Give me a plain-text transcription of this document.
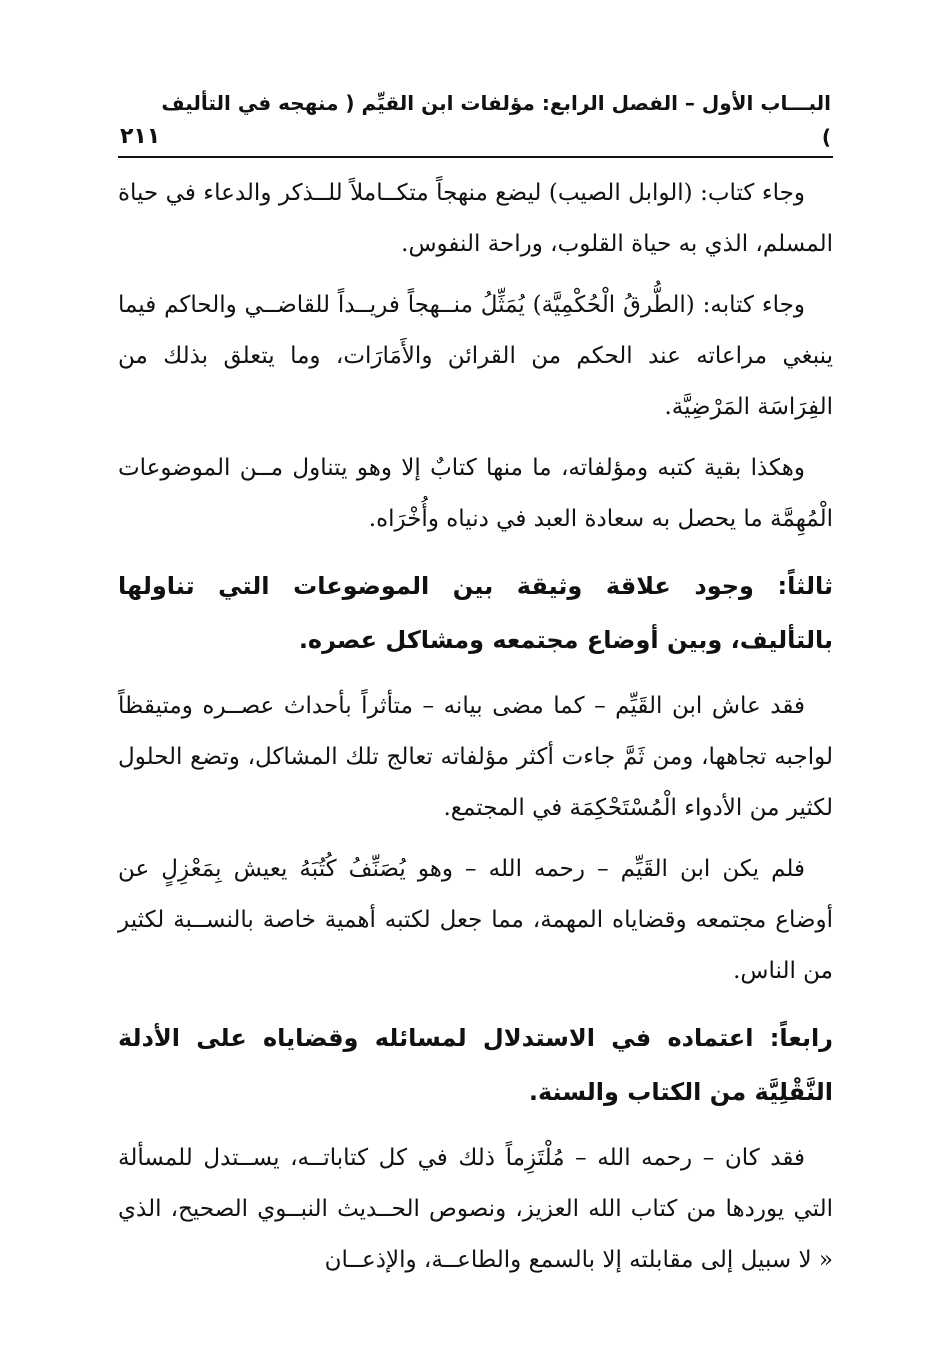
البـــاب الأول – الفصل الرابع: مؤلفات ابن القيِّم ( منهجه في التأليف )
٢١١

وجاء كتاب: (الوابل الصيب) ليضع منهجاً متكــاملاً للــذكر والدعاء في حياة المسلم، الذي به حياة القلوب، وراحة النفوس.

وجاء كتابه: (الطُّرقُ الْحُكْمِيَّة) يُمَثِّلُ منــهجاً فريــداً للقاضــي والحاكم فيما ينبغي مراعاته عند الحكم من القرائن والأَمَارَات، وما يتعلق بذلك من الفِرَاسَة المَرْضِيَّة.

وهكذا بقية كتبه ومؤلفاته، ما منها كتابٌ إلا وهو يتناول مــن الموضوعات الْمُهِمَّة ما يحصل به سعادة العبد في دنياه وأُخْرَاه.

ثالثاً: وجود علاقة وثيقة بين الموضوعات التي تناولها بالتأليف، وبين أوضاع مجتمعه ومشاكل عصره.

فقد عاش ابن القَيِّم – كما مضى بيانه – متأثراً بأحداث عصــره ومتيقظاً لواجبه تجاهها، ومن ثَمَّ جاءت أكثر مؤلفاته تعالج تلك المشاكل، وتضع الحلول لكثير من الأدواء الْمُسْتَحْكِمَة في المجتمع.

فلم يكن ابن القَيِّم – رحمه الله – وهو يُصَنِّفُ كُتُبَهُ يعيش بِمَعْزِلٍ عن أوضاع مجتمعه وقضاياه المهمة، مما جعل لكتبه أهمية خاصة بالنســبة لكثير من الناس.

رابعاً: اعتماده في الاستدلال لمسائله وقضاياه على الأدلة النَّقْلِيَّة من الكتاب والسنة.

فقد كان – رحمه الله – مُلْتَزِماً ذلك في كل كتاباتــه، يســتدل للمسألة التي يوردها من كتاب الله العزيز، ونصوص الحــديث النبــوي الصحيح، الذي « لا سبيل إلى مقابلته إلا بالسمع والطاعــة، والإذعــان
